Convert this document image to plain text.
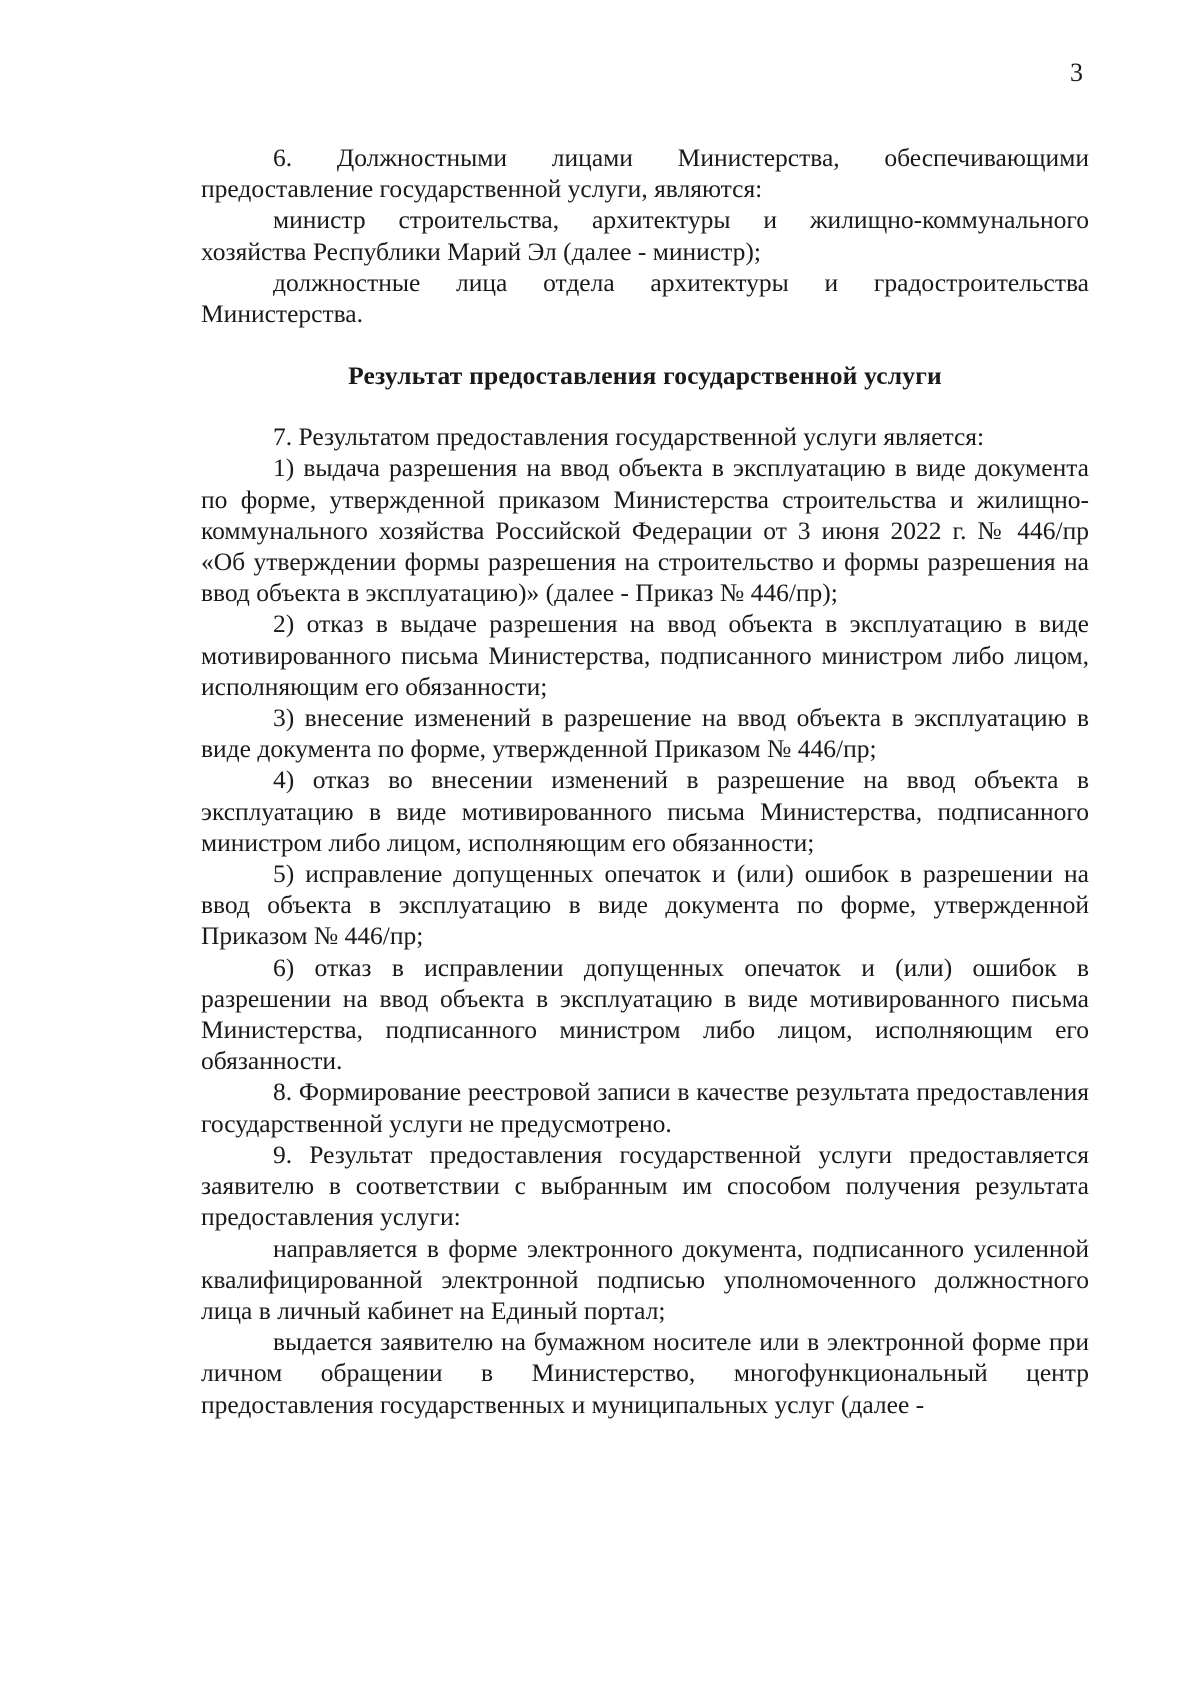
3

6. Должностными лицами Министерства, обеспечивающими предоставление государственной услуги, являются:

министр строительства, архитектуры и жилищно-коммунального хозяйства Республики Марий Эл (далее - министр);

должностные лица отдела архитектуры и градостроительства Министерства.

Результат предоставления государственной услуги

7. Результатом предоставления государственной услуги является:

1) выдача разрешения на ввод объекта в эксплуатацию в виде документа по форме, утвержденной приказом Министерства строительства и жилищно-коммунального хозяйства Российской Федерации от 3 июня 2022 г. № 446/пр «Об утверждении формы разрешения на строительство и формы разрешения на ввод объекта в эксплуатацию)» (далее - Приказ № 446/пр);

2) отказ в выдаче разрешения на ввод объекта в эксплуатацию в виде мотивированного письма Министерства, подписанного министром либо лицом, исполняющим его обязанности;

3) внесение изменений в разрешение на ввод объекта в эксплуатацию в виде документа по форме, утвержденной Приказом № 446/пр;

4) отказ во внесении изменений в разрешение на ввод объекта в эксплуатацию в виде мотивированного письма Министерства, подписанного министром либо лицом, исполняющим его обязанности;

5) исправление допущенных опечаток и (или) ошибок в разрешении на ввод объекта в эксплуатацию в виде документа по форме, утвержденной Приказом № 446/пр;

6) отказ в исправлении допущенных опечаток и (или) ошибок в разрешении на ввод объекта в эксплуатацию в виде мотивированного письма Министерства, подписанного министром либо лицом, исполняющим его обязанности.

8. Формирование реестровой записи в качестве результата предоставления государственной услуги не предусмотрено.

9. Результат предоставления государственной услуги предоставляется заявителю в соответствии с выбранным им способом получения результата предоставления услуги:

направляется в форме электронного документа, подписанного усиленной квалифицированной электронной подписью уполномоченного должностного лица в личный кабинет на Единый портал;

выдается заявителю на бумажном носителе или в электронной форме при личном обращении в Министерство, многофункциональный центр предоставления государственных и муниципальных услуг (далее -
